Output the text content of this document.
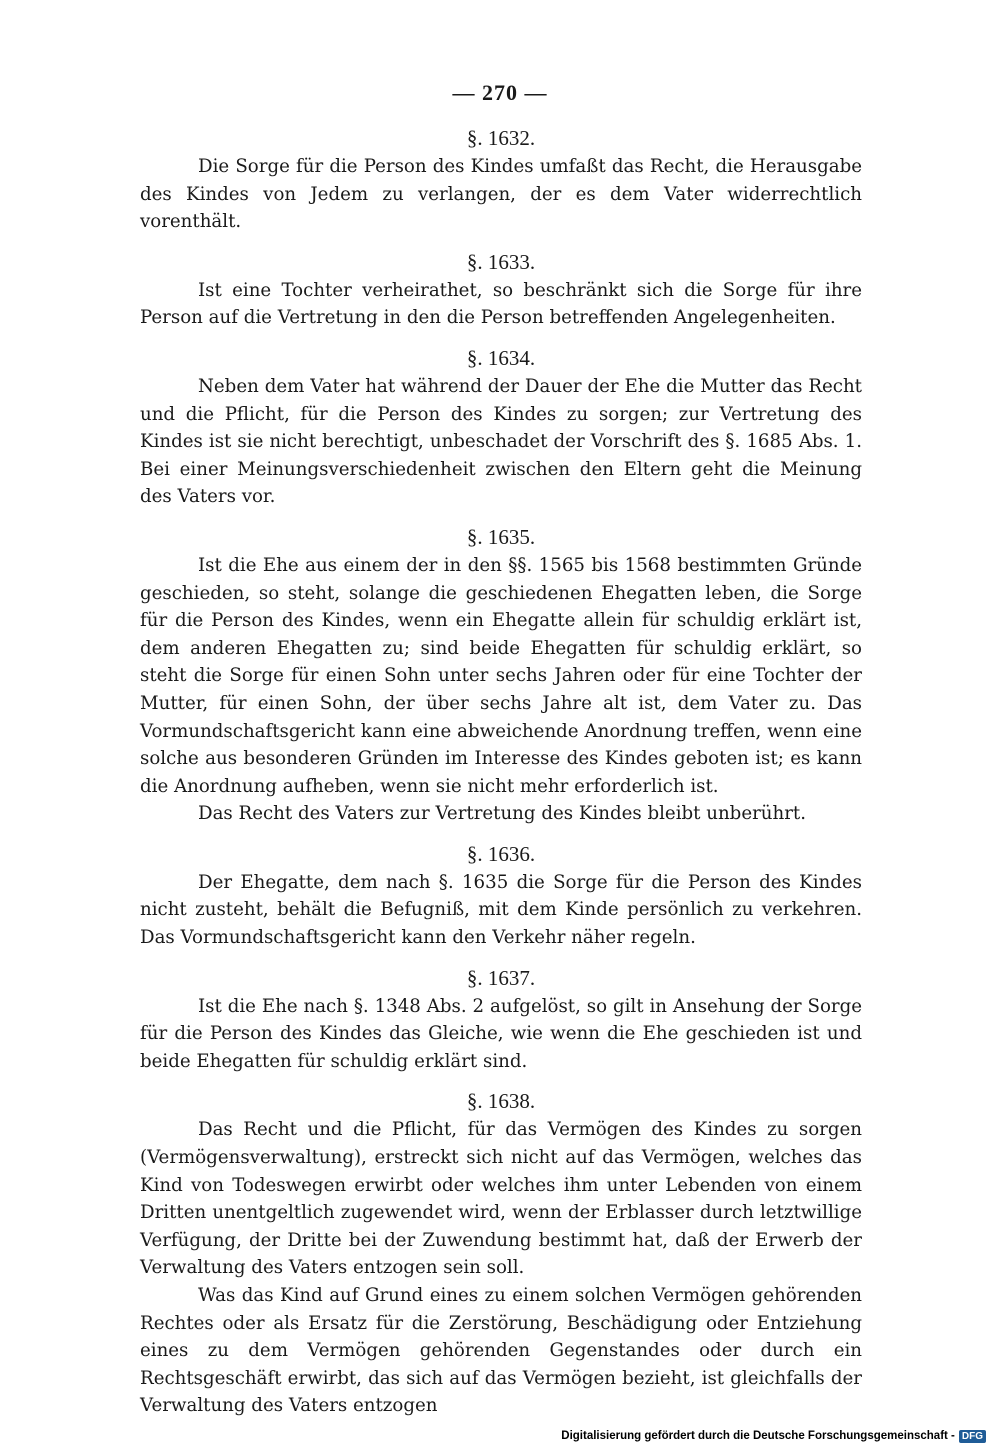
— 270 —
§. 1632.

Die Sorge für die Person des Kindes umfaßt das Recht, die Herausgabe des Kindes von Jedem zu verlangen, der es dem Vater widerrechtlich vorenthält.

§. 1633.

Ist eine Tochter verheirathet, so beschränkt sich die Sorge für ihre Person auf die Vertretung in den die Person betreffenden Angelegenheiten.

§. 1634.

Neben dem Vater hat während der Dauer der Ehe die Mutter das Recht und die Pflicht, für die Person des Kindes zu sorgen; zur Vertretung des Kindes ist sie nicht berechtigt, unbeschadet der Vorschrift des §. 1685 Abs. 1. Bei einer Meinungsverschiedenheit zwischen den Eltern geht die Meinung des Vaters vor.

§. 1635.

Ist die Ehe aus einem der in den §§. 1565 bis 1568 bestimmten Gründe geschieden, so steht, solange die geschiedenen Ehegatten leben, die Sorge für die Person des Kindes, wenn ein Ehegatte allein für schuldig erklärt ist, dem anderen Ehegatten zu; sind beide Ehegatten für schuldig erklärt, so steht die Sorge für einen Sohn unter sechs Jahren oder für eine Tochter der Mutter, für einen Sohn, der über sechs Jahre alt ist, dem Vater zu. Das Vormundschaftsgericht kann eine abweichende Anordnung treffen, wenn eine solche aus besonderen Gründen im Interesse des Kindes geboten ist; es kann die Anordnung aufheben, wenn sie nicht mehr erforderlich ist.

Das Recht des Vaters zur Vertretung des Kindes bleibt unberührt.

§. 1636.

Der Ehegatte, dem nach §. 1635 die Sorge für die Person des Kindes nicht zusteht, behält die Befugniß, mit dem Kinde persönlich zu verkehren. Das Vormundschaftsgericht kann den Verkehr näher regeln.

§. 1637.

Ist die Ehe nach §. 1348 Abs. 2 aufgelöst, so gilt in Ansehung der Sorge für die Person des Kindes das Gleiche, wie wenn die Ehe geschieden ist und beide Ehegatten für schuldig erklärt sind.

§. 1638.

Das Recht und die Pflicht, für das Vermögen des Kindes zu sorgen (Vermögensverwaltung), erstreckt sich nicht auf das Vermögen, welches das Kind von Todeswegen erwirbt oder welches ihm unter Lebenden von einem Dritten unentgeltlich zugewendet wird, wenn der Erblasser durch letztwillige Verfügung, der Dritte bei der Zuwendung bestimmt hat, daß der Erwerb der Verwaltung des Vaters entzogen sein soll.

Was das Kind auf Grund eines zu einem solchen Vermögen gehörenden Rechtes oder als Ersatz für die Zerstörung, Beschädigung oder Entziehung eines zu dem Vermögen gehörenden Gegenstandes oder durch ein Rechtsgeschäft erwirbt, das sich auf das Vermögen bezieht, ist gleichfalls der Verwaltung des Vaters entzogen

Digitalisierung gefördert durch die Deutsche Forschungsgemeinschaft - DFG
